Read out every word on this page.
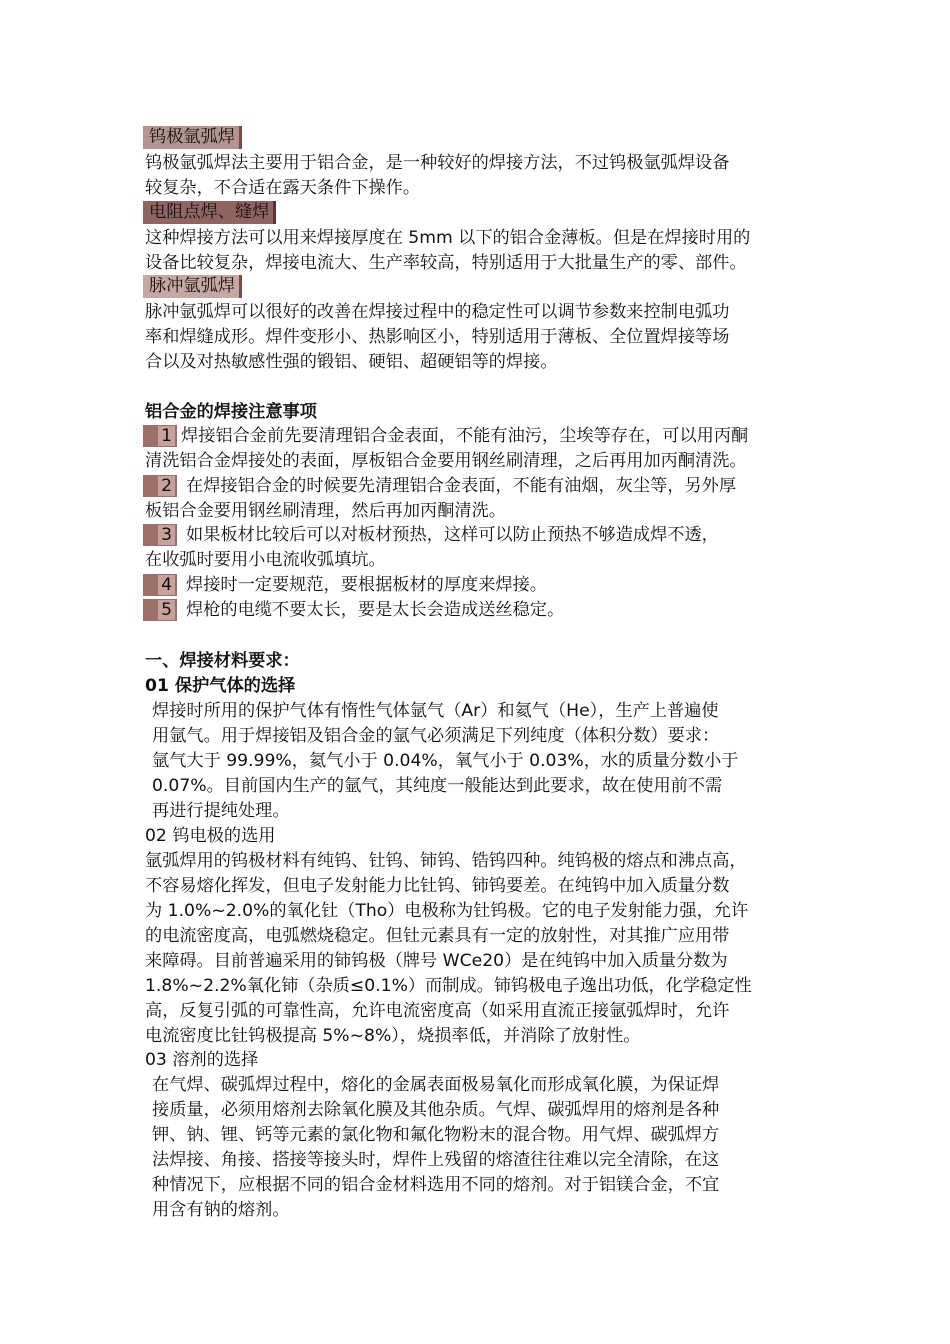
钨极氩弧焊
钨极氩弧焊法主要用于铝合金，是一种较好的焊接方法，不过钨极氩弧焊设备
较复杂，不合适在露天条件下操作。
电阻点焊、缝焊
这种焊接方法可以用来焊接厚度在 5mm 以下的铝合金薄板。但是在焊接时用的
设备比较复杂，焊接电流大、生产率较高，特别适用于大批量生产的零、部件。
脉冲氩弧焊
脉冲氩弧焊可以很好的改善在焊接过程中的稳定性可以调节参数来控制电弧功
率和焊缝成形。焊件变形小、热影响区小，特别适用于薄板、全位置焊接等场
合以及对热敏感性强的锻铝、硬铝、超硬铝等的焊接。
铝合金的焊接注意事项
1 焊接铝合金前先要清理铝合金表面，不能有油污，尘埃等存在，可以用丙酮
清洗铝合金焊接处的表面，厚板铝合金要用钢丝刷清理，之后再用加丙酮清洗。
2 在焊接铝合金的时候要先清理铝合金表面，不能有油烟，灰尘等，另外厚
板铝合金要用钢丝刷清理，然后再加丙酮清洗。
3 如果板材比较后可以对板材预热，这样可以防止预热不够造成焊不透，
在收弧时要用小电流收弧填坑。
4 焊接时一定要规范，要根据板材的厚度来焊接。
5 焊枪的电缆不要太长，要是太长会造成送丝稳定。
一、焊接材料要求：
01 保护气体的选择
焊接时所用的保护气体有惰性气体氩气（Ar）和氦气（He），生产上普遍使
用氩气。用于焊接铝及铝合金的氩气必须满足下列纯度（体积分数）要求：
氩气大于 99.99%，氦气小于 0.04%，氧气小于 0.03%，水的质量分数小于
0.07%。目前国内生产的氩气，其纯度一般能达到此要求，故在使用前不需
再进行提纯处理。
02 钨电极的选用
氩弧焊用的钨极材料有纯钨、钍钨、铈钨、锆钨四种。纯钨极的熔点和沸点高，
不容易熔化挥发，但电子发射能力比钍钨、铈钨要差。在纯钨中加入质量分数
为 1.0%~2.0%的氧化钍（Tho）电极称为钍钨极。它的电子发射能力强，允许
的电流密度高，电弧燃烧稳定。但钍元素具有一定的放射性，对其推广应用带
来障碍。目前普遍采用的铈钨极（牌号 WCe20）是在纯钨中加入质量分数为
1.8%~2.2%氧化铈（杂质≤0.1%）而制成。铈钨极电子逸出功低，化学稳定性
高，反复引弧的可靠性高，允许电流密度高（如采用直流正接氩弧焊时，允许
电流密度比钍钨极提高 5%~8%），烧损率低，并消除了放射性。
03 溶剂的选择
在气焊、碳弧焊过程中，熔化的金属表面极易氧化而形成氧化膜，为保证焊
接质量，必须用熔剂去除氧化膜及其他杂质。气焊、碳弧焊用的熔剂是各种
钾、钠、锂、钙等元素的氯化物和氟化物粉末的混合物。用气焊、碳弧焊方
法焊接、角接、搭接等接头时，焊件上残留的熔渣往往难以完全清除，在这
种情况下，应根据不同的铝合金材料选用不同的熔剂。对于铝镁合金，不宜
用含有钠的熔剂。
